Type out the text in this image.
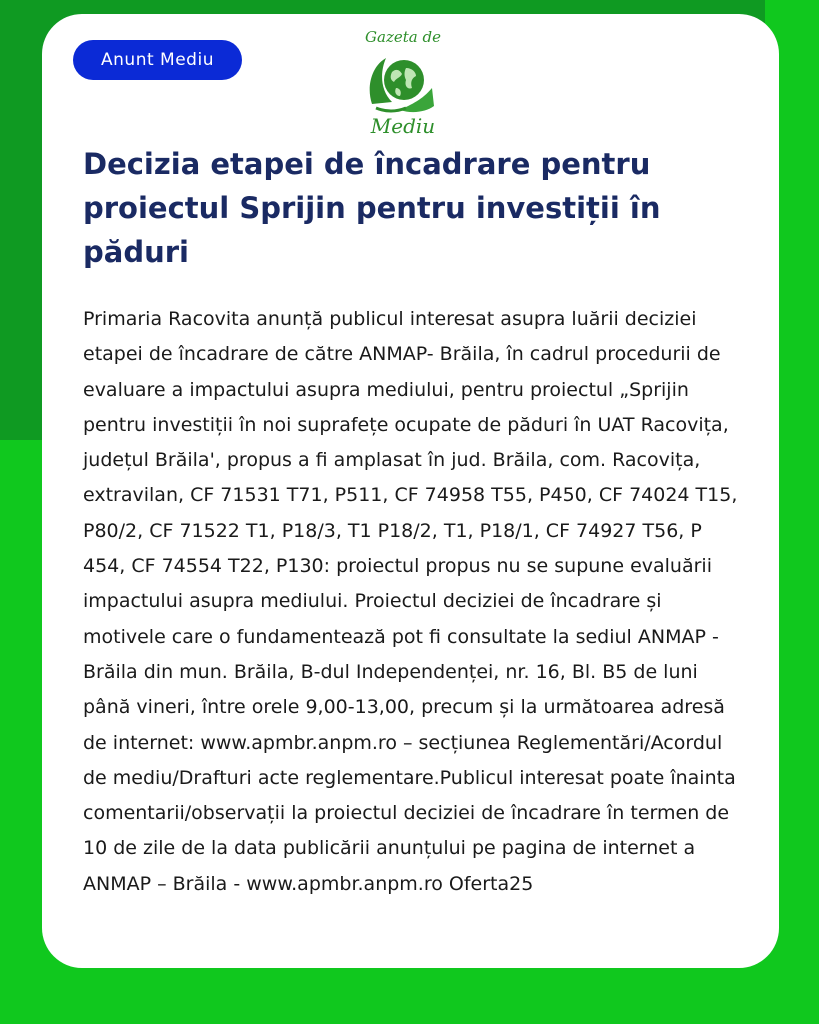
Anunt Mediu
Gazeta de
Mediu
Decizia etapei de încadrare pentru proiectul Sprijin pentru investiții în păduri

Primaria Racovita anunță publicul interesat asupra luării deciziei etapei de încadrare de către ANMAP- Brăila, în cadrul procedurii de evaluare a impactului asupra mediului, pentru proiectul „Sprijin pentru investiții în noi suprafețe ocupate de păduri în UAT Racovița, județul Brăila', propus a fi amplasat în jud. Brăila, com. Racovița, extravilan, CF 71531 T71, P511, CF 74958 T55, P450, CF 74024 T15, P80/2, CF 71522 T1, P18/3, T1 P18/2, T1, P18/1, CF 74927 T56, P 454, CF 74554 T22, P130: proiectul propus nu se supune evaluării impactului asupra mediului. Proiectul deciziei de încadrare și motivele care o fundamentează pot fi consultate la sediul ANMAP - Brăila din mun. Brăila, B-dul Independenței, nr. 16, Bl. B5 de luni până vineri, între orele 9,00-13,00, precum și la următoarea adresă de internet: www.apmbr.anpm.ro – secțiunea Reglementări/Acordul de mediu/Drafturi acte reglementare.Publicul interesat poate înainta comentarii/observații la proiectul deciziei de încadrare în termen de 10 de zile de la data publicării anunțului pe pagina de internet a ANMAP – Brăila - www.apmbr.anpm.ro Oferta25
